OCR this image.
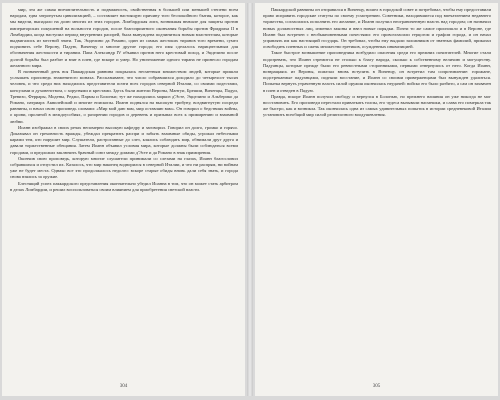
мир, эта же самая впечатлительность и подвижность, свойственная в большей или меньшей степени всем народам, едва затронутым цивилизацией, – составляет настоящую причину того беспокойного бытия, которое, как мы видели, выпадало на долю многих из этих городов. Ломбардская лига, возникшая вначале для защиты против императорских покушений на вольности городов, после благоприятного окончания борьбы против Фридриха II в Ломбардии, когда наступил период внутренних распрей, была вынуждена подчиниться новым властителям, которые выдвигались из местной знати. Так, Эццелино да Романо, один из самых жестоких тиранов того времени, сумел подчинить себе Верону, Падую, Виченцу и многие другие города; его имя сделалось нарицательным для обозначения жестокости и тирании. Папа Александр IV объявил против него крестовый поход, и Эццелино после долгой борьбы был разбит и взят в плен, где вскоре и умер. Но уничтожение одного тирана не принесло городам желанного мира.

В назначенный день вся Паккардская равнина покрылась несметным множеством людей, которые пришли услышать проповедь знаменитого монаха. Рассказывают, что число собравшихся доходило до четырехсот тысяч человек, и что среди них находились представители почти всех городов северной Италии, со своими подестами, консулами и духовенством, с хоругвями и крестами. Здесь были жители Вероны, Мантуи, Брешии, Виченцы, Падуи, Тревизо, Феррары, Модены, Реджо, Пармы и Болоньи; тут же находились маркиз д'Эсте, Эццелино и Альберико да Романо, патриарх Аквилейский и многие епископы. Иоанн поднялся на высокую трибуну, воздвигнутую посреди равнины, и начал свою проповедь словами: «Мир мой даю вам, мир оставляю вам». Он говорил о бедствиях войны, о крови, пролитой в междоусобиях, о разорении городов и деревень и призывал всех к примирению и взаимной любви.

Иоанн изображал в своих речах непомерно высокую кафедру и заговорил. Говорил он долго, громко и горячо. Доказывал он греховность вражды, убеждал прекратить распри и забыть взаимные обиды, угрожал небесными карами тем, кто нарушит мир. Слушатели, растроганные до слез, клялись соблюдать мир, обнимали друг друга и давали торжественные обещания. Затем Иоанн объявил условия мира, которые должны были соблюдаться всеми городами, и предложил заключить брачный союз между домами д'Эсте и да Романо в знак примирения.

Окончив свою проповедь, которую многие слушатели принимали со слезами на глазах, Иоанн благословил собравшихся и отпустил их. Казалось, что мир наконец водворился в северной Италии, и что ни распрям, ни войнам уже не будет места. Однако все это продолжалось недолго: вскоре старые обиды вновь дали себя знать, и города снова взялись за оружие.

Блестящий успех паккардского представления окончательно убедил Иоанна в том, что он может стать арбитром в делах Ломбардии, и решил воспользоваться своим влиянием для приобретения светской власти.

304

Паккардской равнины он отправился в Виченцу, вошел в городской совет и потребовал, чтобы ему предоставили право исправить городские статуты по своему усмотрению. Советники, находившиеся под впечатлением недавнего торжества, согласились исполнить его желание, и Иоанн получил неограниченную власть над городом; он назначил новых должностных лиц, изменил законы и ввел новые порядки. Почти то же самое произошло и в Вероне, где Иоанн был встречен с необыкновенными почестями: его провозгласили герцогом и графом города, и он начал управлять им как настоящий государь. Он требовал, чтобы ему выдали заложников от знатных фамилий, приказал освободить пленных и сжечь множество еретиков, осужденных инквизицией.

Такое быстрое возвышение проповедника возбудило опасения среди его прежних почитателей. Многие стали подозревать, что Иоанн стремится не столько к благу народа, сколько к собственному величию и могуществу. Падуанцы, которые прежде были его ревностными сторонниками, первыми отвернулись от него. Когда Иоанн, возвращаясь из Вероны, пожелал вновь вступить в Виченцу, он встретил там сопротивление: горожане, подстрекаемые падуанцами, подняли восстание, и Иоанн со своими приверженцами был вынужден удалиться. Попытка вернуть утраченную власть силой оружия окончилась неудачей: войско его было разбито, а сам он захвачен в плен и отведен в Падую.

Правда, вскоре Иоанн получил свободу и вернулся в Болонью, но прежнего влияния он уже никогда не мог восстановить. Его проповеди перестали привлекать толпы, его чудеса вызывали насмешки, и слава его померкла так же быстро, как и возникла. Так окончилась одна из самых удивительных попыток в истории средневековой Италии установить всеобщий мир силой религиозного воодушевления.

305
